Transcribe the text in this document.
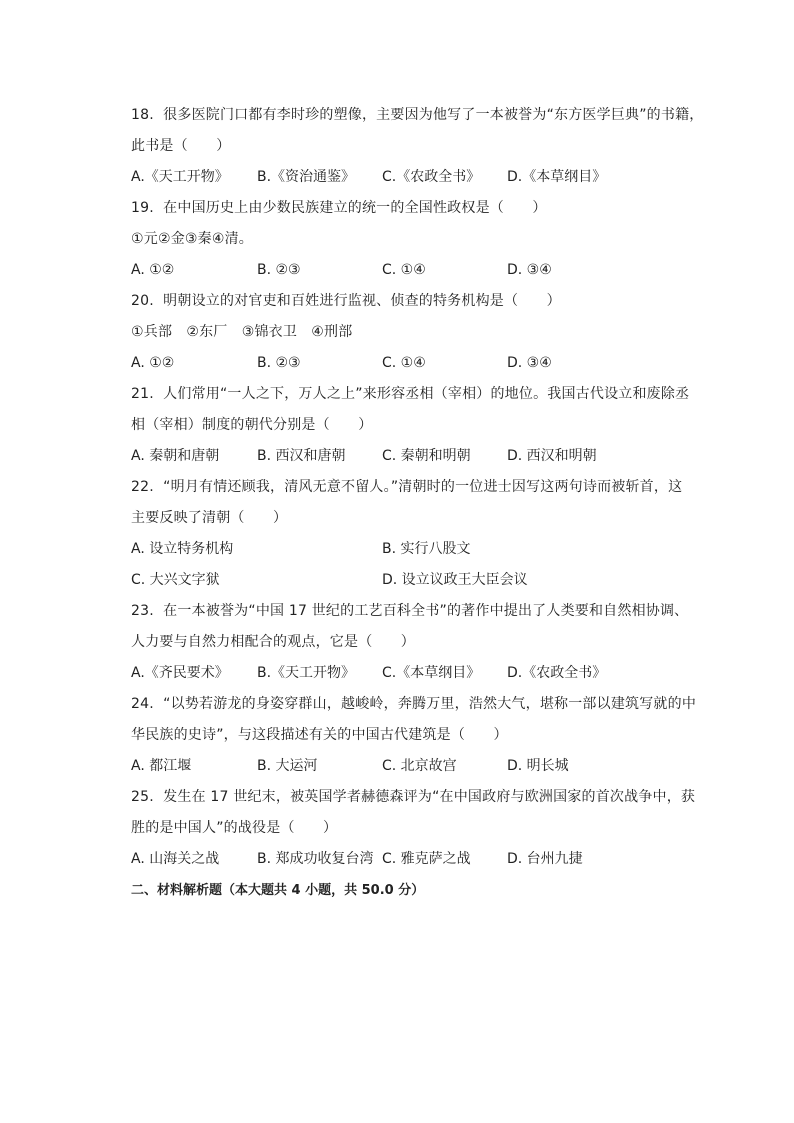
18.  很多医院门口都有李时珍的塑像，主要因为他写了一本被誉为“东方医学巨典”的书籍，
此书是（　　）
A.《天工开物》 B.《资治通鉴》 C.《农政全书》 D.《本草纲目》
19.  在中国历史上由少数民族建立的统一的全国性政权是（　　）
①元②金③秦④清。
A. ①②	B. ②③	C. ①④	D. ③④
20.  明朝设立的对官吏和百姓进行监视、侦查的特务机构是（　　）
①兵部　②东厂　③锦衣卫　④刑部
A. ①②	B. ②③	C. ①④	D. ③④
21.  人们常用“一人之下，万人之上”来形容丞相（宰相）的地位。我国古代设立和废除丞
相（宰相）制度的朝代分别是（　　）
A. 秦朝和唐朝	B. 西汉和唐朝	C. 秦朝和明朝	D. 西汉和明朝
22.  “明月有情还顾我，清风无意不留人。”清朝时的一位进士因写这两句诗而被斩首，这
主要反映了清朝（　　）
A. 设立特务机构	B. 实行八股文
C. 大兴文字狱	D. 设立议政王大臣会议
23.  在一本被誉为“中国 17 世纪的工艺百科全书”的著作中提出了人类要和自然相协调、
人力要与自然力相配合的观点，它是（　　）
A.《齐民要术》 B.《天工开物》 C.《本草纲目》 D.《农政全书》
24.  “以势若游龙的身姿穿群山，越峻岭，奔腾万里，浩然大气，堪称一部以建筑写就的中
华民族的史诗”，与这段描述有关的中国古代建筑是（　　）
A. 都江堰	B. 大运河	C. 北京故宫	D. 明长城
25.  发生在 17 世纪末，被英国学者赫德森评为“在中国政府与欧洲国家的首次战争中，获
胜的是中国人”的战役是（　　）
A. 山海关之战	B. 郑成功收复台湾 C. 雅克萨之战	D. 台州九捷
二、材料解析题（本大题共 4 小题，共 50.0 分）
